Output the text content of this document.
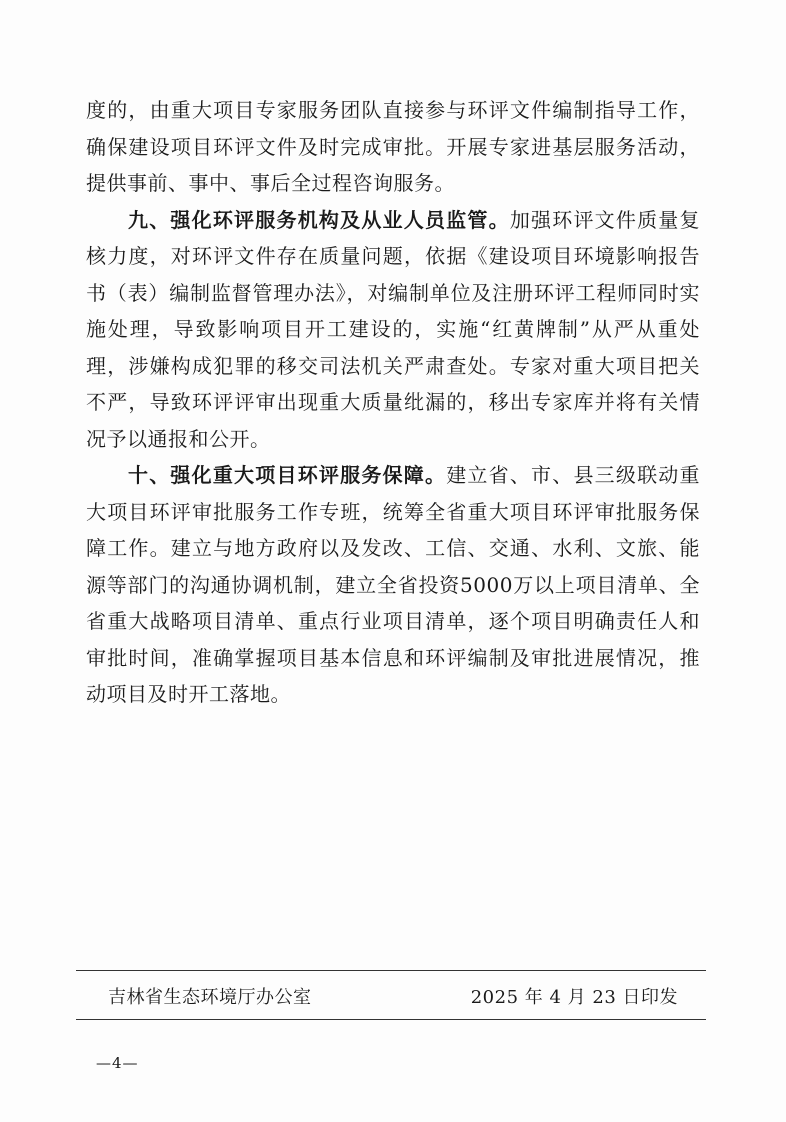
度的，由重大项目专家服务团队直接参与环评文件编制指导工作，确保建设项目环评文件及时完成审批。开展专家进基层服务活动，提供事前、事中、事后全过程咨询服务。

九、强化环评服务机构及从业人员监管。加强环评文件质量复核力度，对环评文件存在质量问题，依据《建设项目环境影响报告书（表）编制监督管理办法》，对编制单位及注册环评工程师同时实施处理，导致影响项目开工建设的，实施“红黄牌制”从严从重处理，涉嫌构成犯罪的移交司法机关严肃查处。专家对重大项目把关不严，导致环评评审出现重大质量纰漏的，移出专家库并将有关情况予以通报和公开。

十、强化重大项目环评服务保障。建立省、市、县三级联动重大项目环评审批服务工作专班，统筹全省重大项目环评审批服务保障工作。建立与地方政府以及发改、工信、交通、水利、文旅、能源等部门的沟通协调机制，建立全省投资5000万以上项目清单、全省重大战略项目清单、重点行业项目清单，逐个项目明确责任人和审批时间，准确掌握项目基本信息和环评编制及审批进展情况，推动项目及时开工落地。

吉林省生态环境厅办公室	2025 年 4 月 23 日印发
—4—
